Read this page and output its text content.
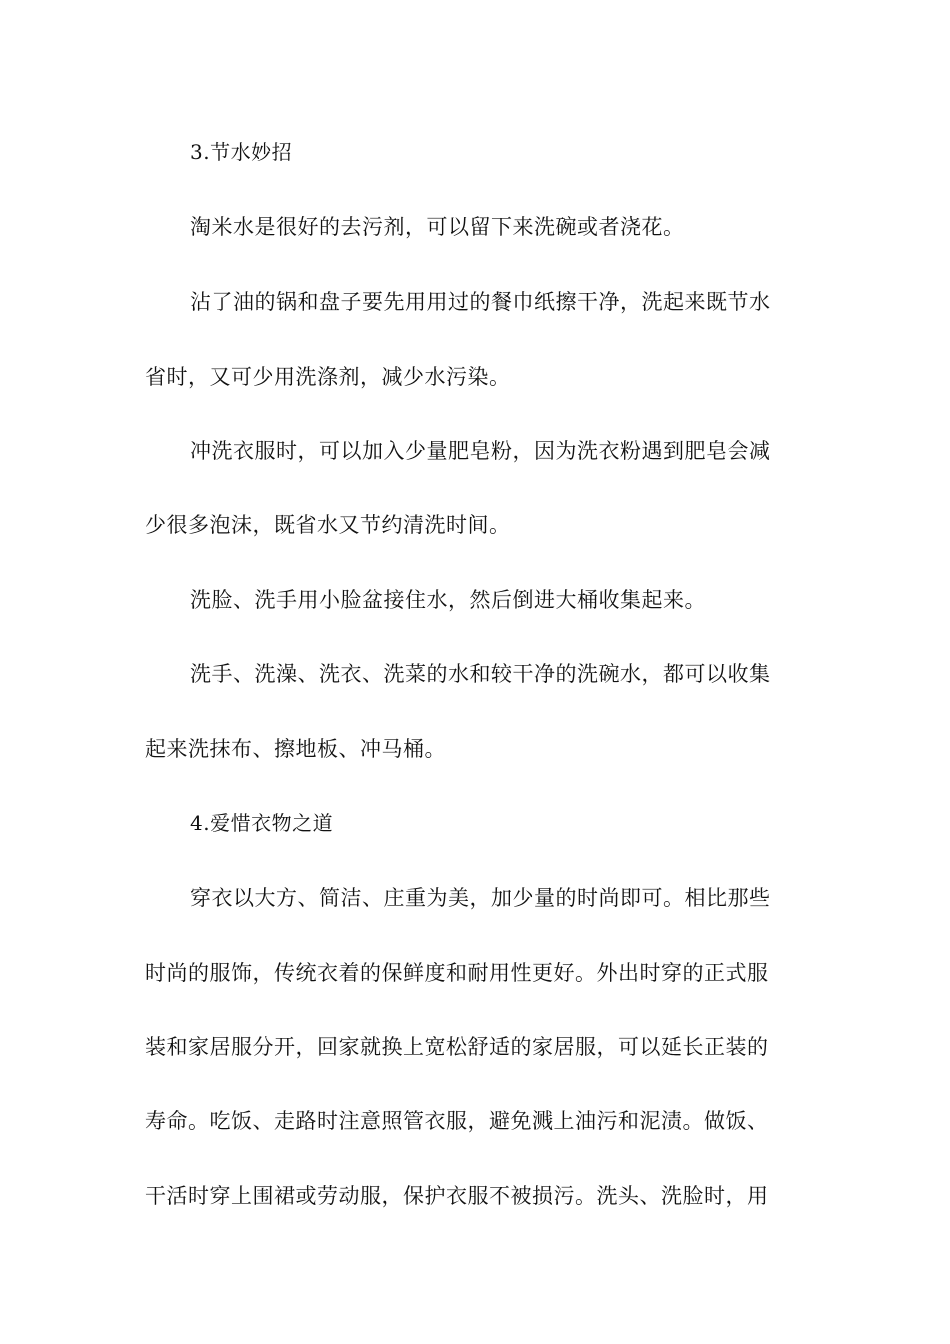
3.节水妙招
淘米水是很好的去污剂，可以留下来洗碗或者浇花。
沾了油的锅和盘子要先用用过的餐巾纸擦干净，洗起来既节水
省时，又可少用洗涤剂，减少水污染。
冲洗衣服时，可以加入少量肥皂粉，因为洗衣粉遇到肥皂会减
少很多泡沫，既省水又节约清洗时间。
洗脸、洗手用小脸盆接住水，然后倒进大桶收集起来。
洗手、洗澡、洗衣、洗菜的水和较干净的洗碗水，都可以收集
起来洗抹布、擦地板、冲马桶。
4.爱惜衣物之道
穿衣以大方、简洁、庄重为美，加少量的时尚即可。相比那些
时尚的服饰，传统衣着的保鲜度和耐用性更好。外出时穿的正式服
装和家居服分开，回家就换上宽松舒适的家居服，可以延长正装的
寿命。吃饭、走路时注意照管衣服，避免溅上油污和泥渍。做饭、
干活时穿上围裙或劳动服，保护衣服不被损污。洗头、洗脸时，用
